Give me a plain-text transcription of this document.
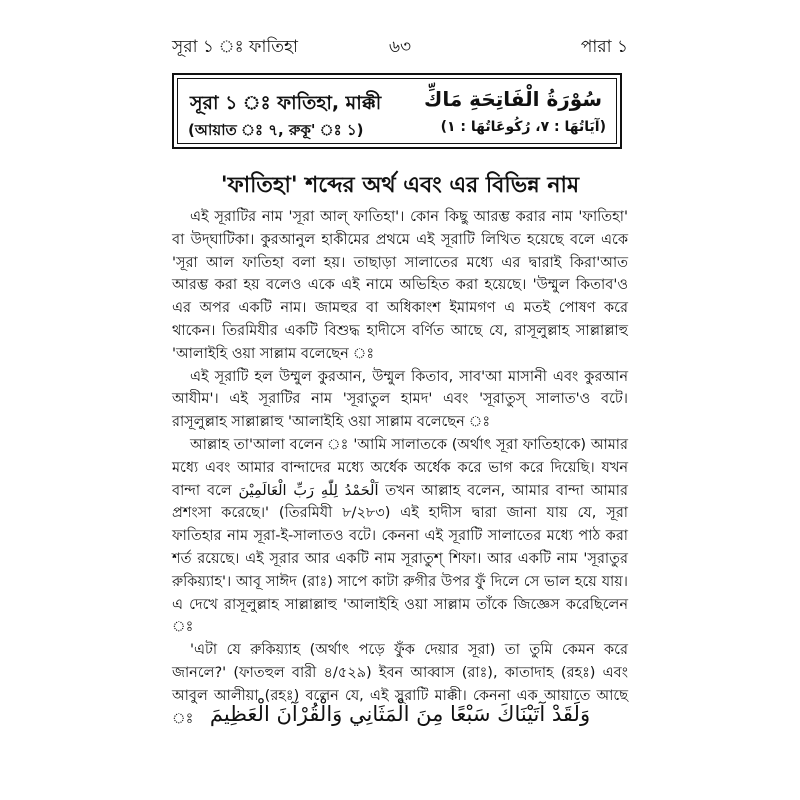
সূরা ১ ঃ ফাতিহা	৬৩	পারা ১
সূরা ১ ঃ ফাতিহা, মাক্কী
(আয়াত ঃ ৭, রুকূ' ঃ ১)
سُوْرَةُ الْفَاتِحَةِ مَاكِّ
(آيَاتُهَا : ٧، رُكُوعَاتُهَا : ١)
'ফাতিহা' শব্দের অর্থ এবং এর বিভিন্ন নাম

এই সূরাটির নাম 'সূরা আল্ ফাতিহা'। কোন কিছু আরম্ভ করার নাম 'ফাতিহা' বা উদ্‌ঘাটিকা। কুরআনুল হাকীমের প্রথমে এই সূরাটি লিখিত হয়েছে বলে একে 'সূরা আল ফাতিহা বলা হয়। তাছাড়া সালাতের মধ্যে এর দ্বারাই কিরা'আত আরম্ভ করা হয় বলেও একে এই নামে অভিহিত করা হয়েছে। 'উম্মুল কিতাব'ও এর অপর একটি নাম। জামহুর বা অধিকাংশ ইমামগণ এ মতই পোষণ করে থাকেন। তিরমিযীর একটি বিশুদ্ধ হাদীসে বর্ণিত আছে যে, রাসূলুল্লাহ সাল্লাল্লাহু 'আলাইহি ওয়া সাল্লাম বলেছেন ঃ

এই সূরাটি হল উম্মুল কুরআন, উম্মুল কিতাব, সাব'আ মাসানী এবং কুরআন আযীম'। এই সূরাটির নাম 'সূরাতুল হামদ' এবং 'সূরাতুস্ সালাত'ও বটে। রাসূলুল্লাহ সাল্লাল্লাহু 'আলাইহি ওয়া সাল্লাম বলেছেন ঃ

আল্লাহ তা'আলা বলেন ঃ 'আমি সালাতকে (অর্থাৎ সূরা ফাতিহাকে) আমার মধ্যে এবং আমার বান্দাদের মধ্যে অর্ধেক অর্ধেক করে ভাগ করে দিয়েছি। যখন বান্দা বলে اَلْحَمْدُ لِلّٰهِ رَبِّ الْعَالَمِيْنَ তখন আল্লাহ বলেন, আমার বান্দা আমার প্রশংসা করেছে।' (তিরমিযী ৮/২৮৩) এই হাদীস দ্বারা জানা যায় যে, সূরা ফাতিহার নাম সূরা-ই-সালাতও বটে। কেননা এই সূরাটি সালাতের মধ্যে পাঠ করা শর্ত রয়েছে। এই সূরার আর একটি নাম সূরাতুশ্ শিফা। আর একটি নাম 'সূরাতুর রুকিয়্যাহ'। আবূ সাঈদ (রাঃ) সাপে কাটা রুগীর উপর ফুঁ দিলে সে ভাল হয়ে যায়। এ দেখে রাসূলুল্লাহ সাল্লাল্লাহু 'আলাইহি ওয়া সাল্লাম তাঁকে জিজ্ঞেস করেছিলেন ঃ

'এটা যে রুকিয়্যাহ (অর্থাৎ পড়ে ফুঁক দেয়ার সূরা) তা তুমি কেমন করে জানলে?' (ফাতহুল বারী ৪/৫২৯) ইবন আব্বাস (রাঃ), কাতাদাহ (রহঃ) এবং আবুল আলীয়া (রহঃ) বলেন যে, এই সূরাটি মাক্কী। কেননা এক আয়াতে আছে ঃ وَلَقَدْ آتَيْنَاكَ سَبْعًا مِنَ الْمَثَانِي وَالْقُرْآنَ الْعَظِيمَ
